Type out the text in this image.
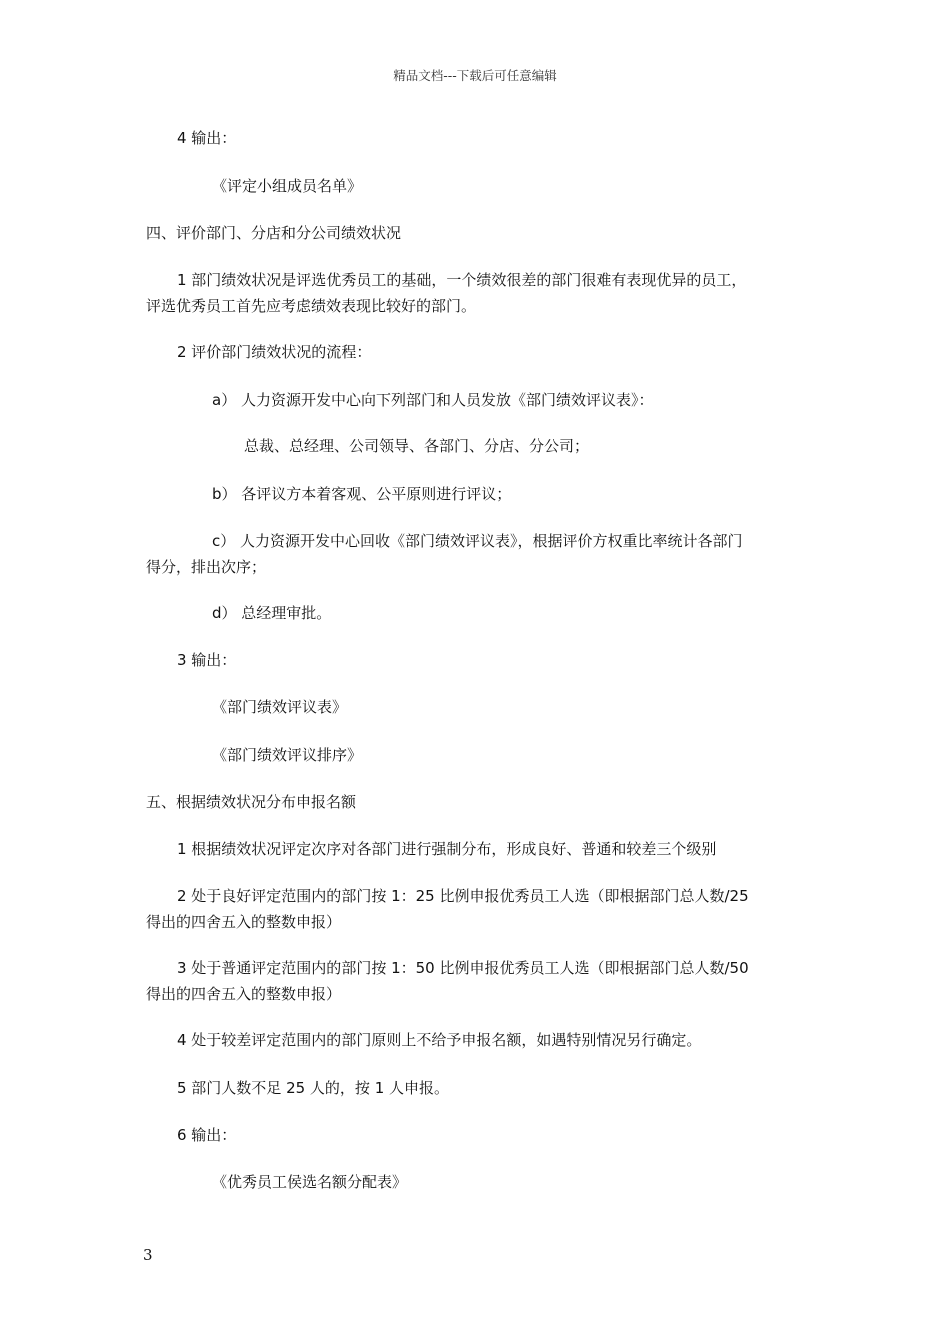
精品文档---下载后可任意编辑
4 输出：
《评定小组成员名单》
四、评价部门、分店和分公司绩效状况
1 部门绩效状况是评选优秀员工的基础，一个绩效很差的部门很难有表现优异的员工，
评选优秀员工首先应考虑绩效表现比较好的部门。
2 评价部门绩效状况的流程：
a） 人力资源开发中心向下列部门和人员发放《部门绩效评议表》：
总裁、总经理、公司领导、各部门、分店、分公司；
b） 各评议方本着客观、公平原则进行评议；
c） 人力资源开发中心回收《部门绩效评议表》，根据评价方权重比率统计各部门
得分，排出次序；
d） 总经理审批。
3 输出：
《部门绩效评议表》
《部门绩效评议排序》
五、根据绩效状况分布申报名额
1 根据绩效状况评定次序对各部门进行强制分布，形成良好、普通和较差三个级别
2 处于良好评定范围内的部门按 1：25 比例申报优秀员工人选（即根据部门总人数/25
得出的四舍五入的整数申报）
3 处于普通评定范围内的部门按 1：50 比例申报优秀员工人选（即根据部门总人数/50
得出的四舍五入的整数申报）
4 处于较差评定范围内的部门原则上不给予申报名额，如遇特别情况另行确定。
5 部门人数不足 25 人的，按 1 人申报。
6 输出：
《优秀员工侯选名额分配表》
3
